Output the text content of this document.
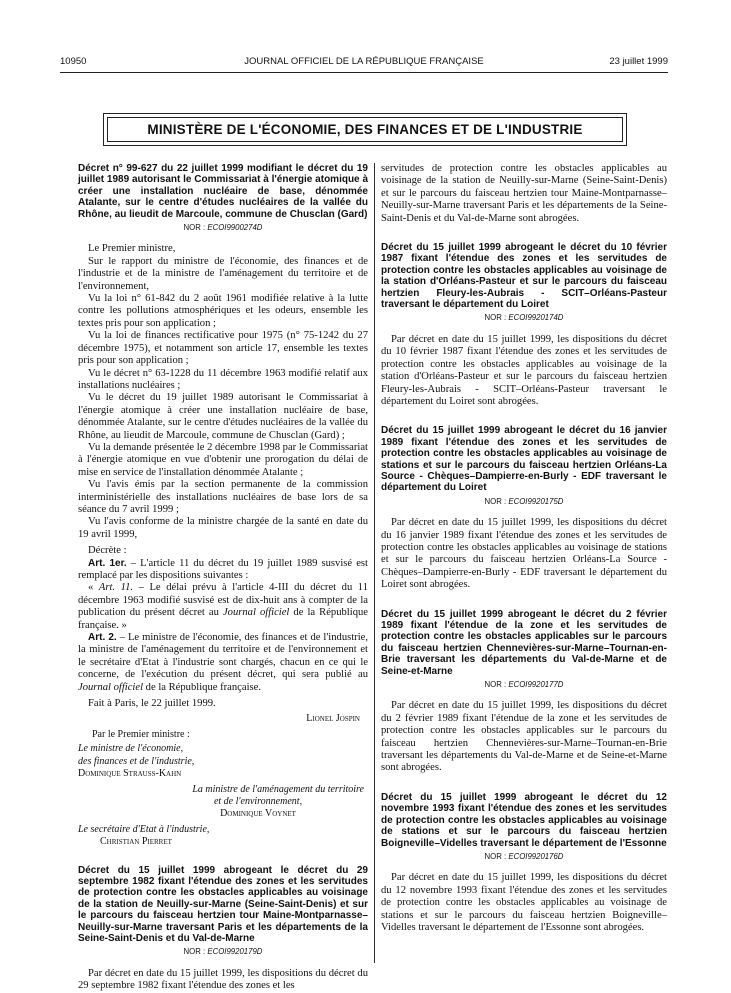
10950	JOURNAL OFFICIEL DE LA RÉPUBLIQUE FRANÇAISE	23 juillet 1999
MINISTÈRE DE L'ÉCONOMIE, DES FINANCES ET DE L'INDUSTRIE

Décret n° 99-627 du 22 juillet 1999 modifiant le décret du 19 juillet 1989 autorisant le Commissariat à l'énergie atomique à créer une installation nucléaire de base, dénommée Atalante, sur le centre d'études nucléaires de la vallée du Rhône, au lieudit de Marcoule, commune de Chusclan (Gard)

NOR : ECOI9900274D

Le Premier ministre,

Sur le rapport du ministre de l'économie, des finances et de l'industrie et de la ministre de l'aménagement du territoire et de l'environnement,

Vu la loi n° 61-842 du 2 août 1961 modifiée relative à la lutte contre les pollutions atmosphériques et les odeurs, ensemble les textes pris pour son application ;

Vu la loi de finances rectificative pour 1975 (n° 75-1242 du 27 décembre 1975), et notamment son article 17, ensemble les textes pris pour son application ;

Vu le décret n° 63-1228 du 11 décembre 1963 modifié relatif aux installations nucléaires ;

Vu le décret du 19 juillet 1989 autorisant le Commissariat à l'énergie atomique à créer une installation nucléaire de base, dénommée Atalante, sur le centre d'études nucléaires de la vallée du Rhône, au lieudit de Marcoule, commune de Chusclan (Gard) ;

Vu la demande présentée le 2 décembre 1998 par le Commissariat à l'énergie atomique en vue d'obtenir une prorogation du délai de mise en service de l'installation dénommée Atalante ;

Vu l'avis émis par la section permanente de la commission interministérielle des installations nucléaires de base lors de sa séance du 7 avril 1999 ;

Vu l'avis conforme de la ministre chargée de la santé en date du 19 avril 1999,

Décrète :

Art. 1er. – L'article 11 du décret du 19 juillet 1989 susvisé est remplacé par les dispositions suivantes :

« Art. 11. – Le délai prévu à l'article 4-III du décret du 11 décembre 1963 modifié susvisé est de dix-huit ans à compter de la publication du présent décret au Journal officiel de la République française. »

Art. 2. – Le ministre de l'économie, des finances et de l'industrie, la ministre de l'aménagement du territoire et de l'environnement et le secrétaire d'Etat à l'industrie sont chargés, chacun en ce qui le concerne, de l'exécution du présent décret, qui sera publié au Journal officiel de la République française.

Fait à Paris, le 22 juillet 1999.

Lionel Jospin

Par le Premier ministre :

Le ministre de l'économie,

des finances et de l'industrie,

Dominique Strauss-Kahn

La ministre de l'aménagement du territoire

et de l'environnement,

Dominique Voynet

Le secrétaire d'Etat à l'industrie,

Christian Pierret

Décret du 15 juillet 1999 abrogeant le décret du 29 septembre 1982 fixant l'étendue des zones et les servitudes de protection contre les obstacles applicables au voisinage de la station de Neuilly-sur-Marne (Seine-Saint-Denis) et sur le parcours du faisceau hertzien tour Maine-Montparnasse–Neuilly-sur-Marne traversant Paris et les départements de la Seine-Saint-Denis et du Val-de-Marne

NOR : ECOI9920179D

Par décret en date du 15 juillet 1999, les dispositions du décret du 29 septembre 1982 fixant l'étendue des zones et les

servitudes de protection contre les obstacles applicables au voisinage de la station de Neuilly-sur-Marne (Seine-Saint-Denis) et sur le parcours du faisceau hertzien tour Maine-Montparnasse–Neuilly-sur-Marne traversant Paris et les départements de la Seine-Saint-Denis et du Val-de-Marne sont abrogées.

Décret du 15 juillet 1999 abrogeant le décret du 10 février 1987 fixant l'étendue des zones et les servitudes de protection contre les obstacles applicables au voisinage de la station d'Orléans-Pasteur et sur le parcours du faisceau hertzien Fleury-les-Aubrais - SCIT–Orléans-Pasteur traversant le département du Loiret

NOR : ECOI9920174D

Par décret en date du 15 juillet 1999, les dispositions du décret du 10 février 1987 fixant l'étendue des zones et les servitudes de protection contre les obstacles applicables au voisinage de la station d'Orléans-Pasteur et sur le parcours du faisceau hertzien Fleury-les-Aubrais - SCIT–Orléans-Pasteur traversant le département du Loiret sont abrogées.

Décret du 15 juillet 1999 abrogeant le décret du 16 janvier 1989 fixant l'étendue des zones et les servitudes de protection contre les obstacles applicables au voisinage de stations et sur le parcours du faisceau hertzien Orléans-La Source - Chèques–Dampierre-en-Burly - EDF traversant le département du Loiret

NOR : ECOI9920175D

Par décret en date du 15 juillet 1999, les dispositions du décret du 16 janvier 1989 fixant l'étendue des zones et les servitudes de protection contre les obstacles applicables au voisinage de stations et sur le parcours du faisceau hertzien Orléans-La Source - Chèques–Dampierre-en-Burly - EDF traversant le département du Loiret sont abrogées.

Décret du 15 juillet 1999 abrogeant le décret du 2 février 1989 fixant l'étendue de la zone et les servitudes de protection contre les obstacles applicables sur le parcours du faisceau hertzien Chennevières-sur-Marne–Tournan-en-Brie traversant les départements du Val-de-Marne et de Seine-et-Marne

NOR : ECOI9920177D

Par décret en date du 15 juillet 1999, les dispositions du décret du 2 février 1989 fixant l'étendue de la zone et les servitudes de protection contre les obstacles applicables sur le parcours du faisceau hertzien Chennevières-sur-Marne–Tournan-en-Brie traversant les départements du Val-de-Marne et de Seine-et-Marne sont abrogées.

Décret du 15 juillet 1999 abrogeant le décret du 12 novembre 1993 fixant l'étendue des zones et les servitudes de protection contre les obstacles applicables au voisinage de stations et sur le parcours du faisceau hertzien Boigneville–Videlles traversant le département de l'Essonne

NOR : ECOI9920176D

Par décret en date du 15 juillet 1999, les dispositions du décret du 12 novembre 1993 fixant l'étendue des zones et les servitudes de protection contre les obstacles applicables au voisinage de stations et sur le parcours du faisceau hertzien Boigneville–Videlles traversant le département de l'Essonne sont abrogées.
